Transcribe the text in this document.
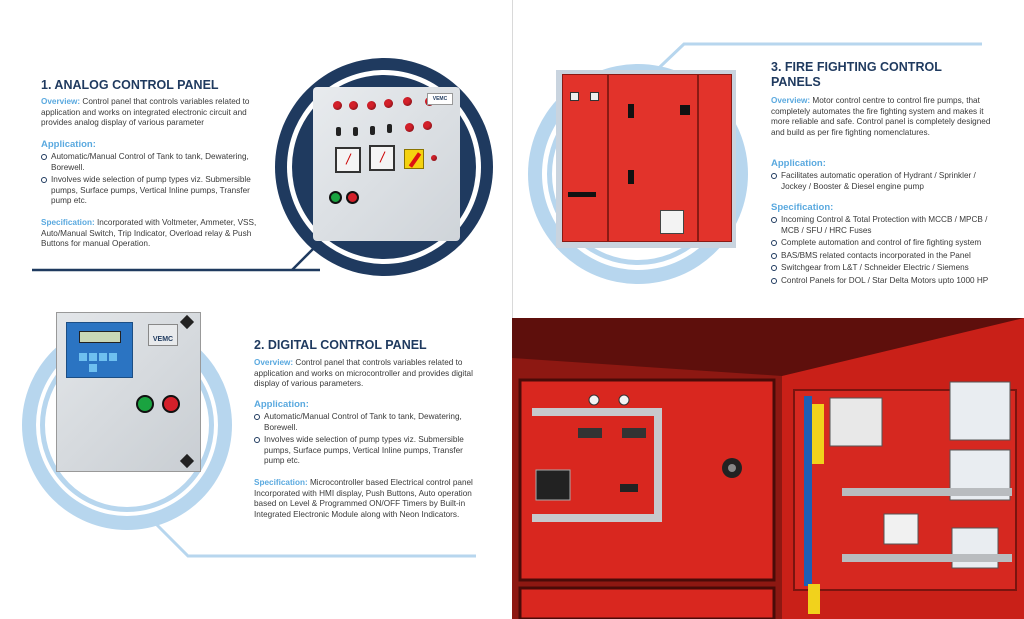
1. ANALOG CONTROL PANEL
Overview: Control panel that controls variables related to application and works on integrated electronic circuit and provides analog display of various parameter
Application:
Automatic/Manual Control of Tank to tank, Dewatering, Borewell.
Involves wide selection of pump types viz. Submersible pumps, Surface pumps, Vertical Inline pumps, Transfer pump etc.
Specification: Incorporated with Voltmeter, Ammeter, VSS, Auto/Manual Switch, Trip Indicator, Overload relay & Push Buttons for manual Operation.
VEMC
VEMC	2. DIGITAL CONTROL PANEL
Overview: Control panel that controls variables related to application and works on microcontroller and provides digital display of various parameters.
Application:
Automatic/Manual Control of Tank to tank, Dewatering, Borewell.
Involves wide selection of pump types viz. Submersible pumps, Surface pumps, Vertical Inline pumps, Transfer pump etc.
Specification: Microcontroller based Electrical control panel Incorporated with HMI display, Push Buttons, Auto operation based on Level & Programmed ON/OFF Timers by Built-in Integrated Electronic Module along with Neon Indicators.
3. FIRE FIGHTING CONTROL
PANELS
Overview: Motor control centre to control fire pumps, that completely automates the fire fighting system and makes it more reliable and safe. Control panel is completely designed and build as per fire fighting nomenclatures.
Application:
Facilitates automatic operation of Hydrant / Sprinkler / Jockey / Booster & Diesel engine pump
Specification:
Incoming Control & Total Protection with MCCB / MPCB / MCB / SFU / HRC Fuses
Complete automation and control of fire fighting system
BAS/BMS related contacts incorporated in the Panel
Switchgear from L&T / Schneider Electric / Siemens
Control Panels for DOL / Star Delta Motors upto 1000 HP
